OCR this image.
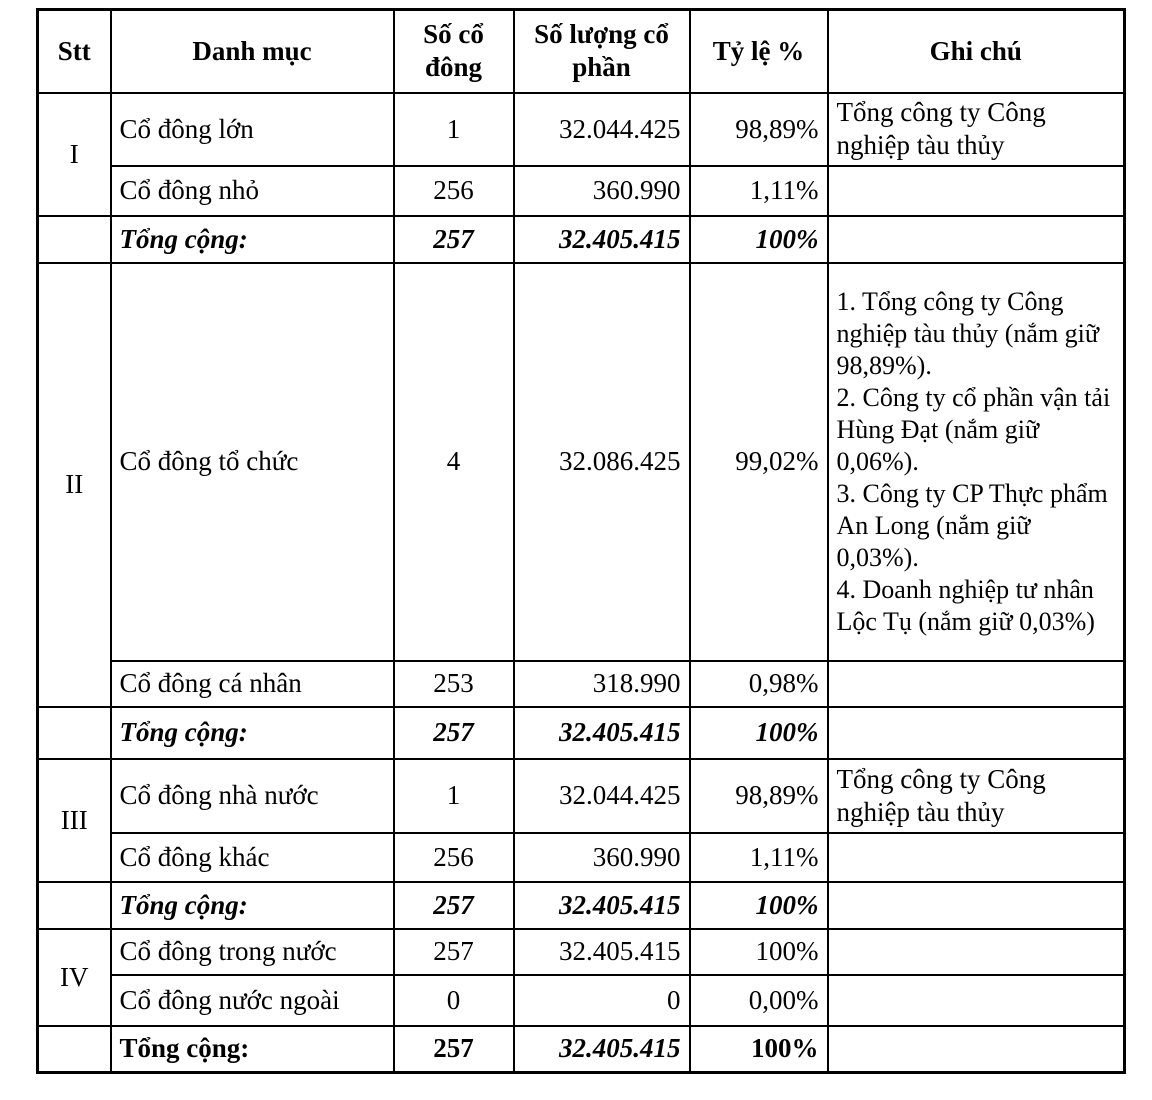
Stt	Danh mục	Số cổ đông	Số lượng cổ phần	Tỷ lệ %	Ghi chú
I	Cổ đông lớn	1	32.044.425	98,89%	Tổng công ty Công nghiệp tàu thủy
	Cổ đông nhỏ	256	360.990	1,11%	
	Tổng cộng:	257	32.405.415	100%	
II	Cổ đông tổ chức	4	32.086.425	99,02%	1. Tổng công ty Công nghiệp tàu thủy (nắm giữ 98,89%).
2. Công ty cổ phần vận tải Hùng Đạt (nắm giữ 0,06%).
3. Công ty CP Thực phẩm An Long (nắm giữ 0,03%).
4. Doanh nghiệp tư nhân Lộc Tụ (nắm giữ 0,03%)

	Cổ đông cá nhân	253	318.990	0,98%	
	Tổng cộng:	257	32.405.415	100%	
III	Cổ đông nhà nước	1	32.044.425	98,89%	Tổng công ty Công nghiệp tàu thủy
	Cổ đông khác	256	360.990	1,11%	
	Tổng cộng:	257	32.405.415	100%	
IV	Cổ đông trong nước	257	32.405.415	100%	
	Cổ đông nước ngoài	0	0	0,00%	
	Tổng cộng:	257	32.405.415	100%	
